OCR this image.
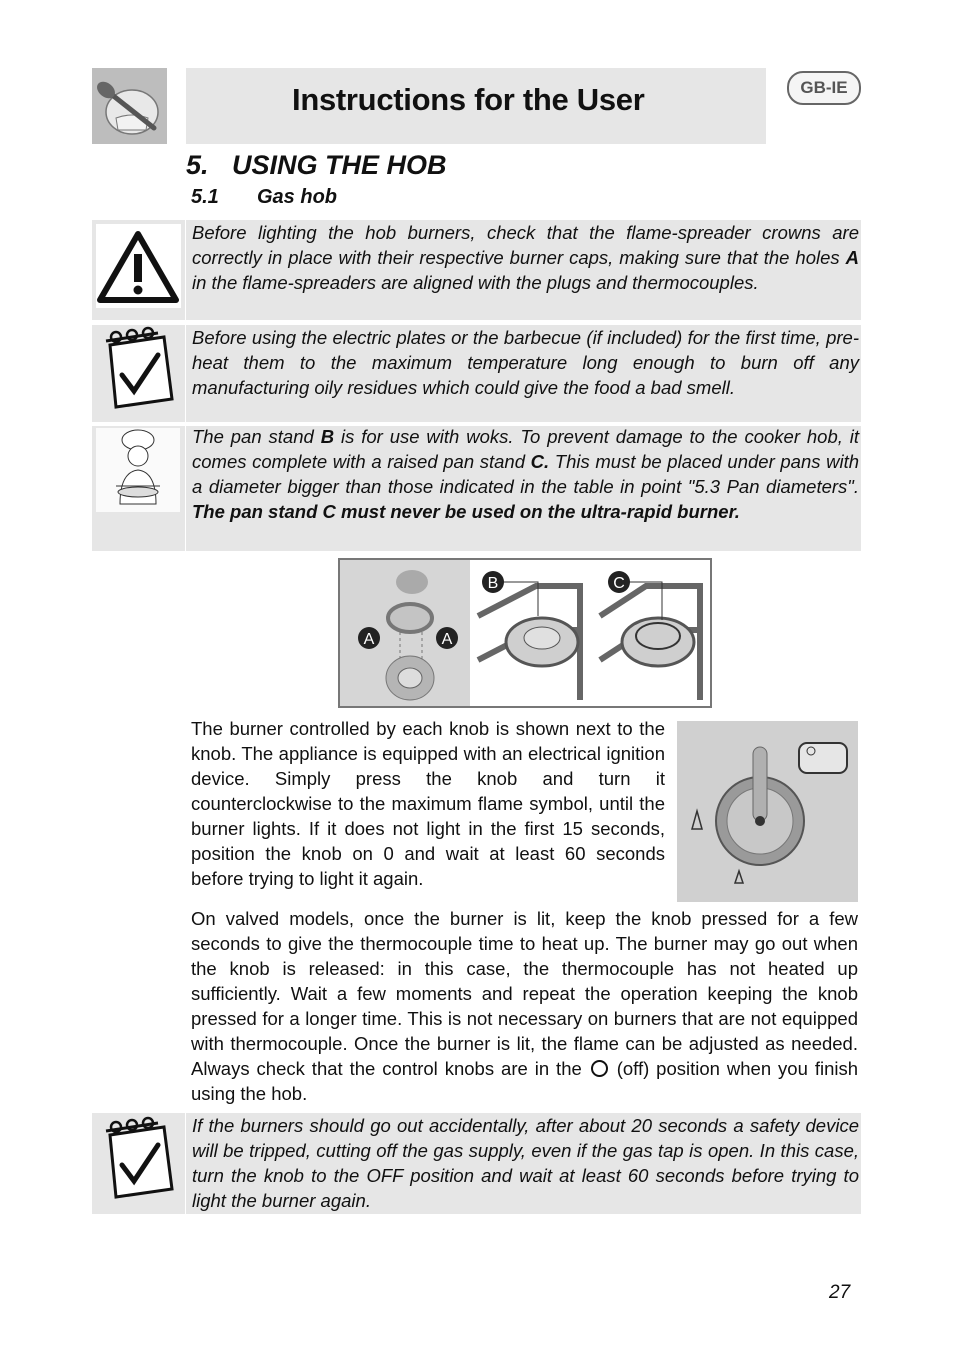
Instructions for the User	GB-IE
5. USING THE HOB
5.1 Gas hob
Before lighting the hob burners, check that the flame-spreader crowns are correctly in place with their respective burner caps, making sure that the holes A in the flame-spreaders are aligned with the plugs and thermocouples.
Before using the electric plates or the barbecue (if included) for the first time, pre-heat them to the maximum temperature long enough to burn off any manufacturing oily residues which could give the food a bad smell.
The pan stand B is for use with woks. To prevent damage to the cooker hob, it comes complete with a raised pan stand C. This must be placed under pans with a diameter bigger than those indicated in the table in point "5.3 Pan diameters". The pan stand C must never be used on the ultra-rapid burner.
A	A
B	C
The burner controlled by each knob is shown next to the knob. The appliance is equipped with an electrical ignition device. Simply press the knob and turn it counterclockwise to the maximum flame symbol, until the burner lights. If it does not light in the first 15 seconds, position the knob on 0 and wait at least 60 seconds before trying to light it again.
On valved models, once the burner is lit, keep the knob pressed for a few seconds to give the thermocouple time to heat up. The burner may go out when the knob is released: in this case, the thermocouple has not heated up sufficiently. Wait a few moments and repeat the operation keeping the knob pressed for a longer time. This is not necessary on burners that are not equipped with thermocouple. Once the burner is lit, the flame can be adjusted as needed. Always check that the control knobs are in the (off) position when you finish using the hob.
If the burners should go out accidentally, after about 20 seconds a safety device will be tripped, cutting off the gas supply, even if the gas tap is open. In this case, turn the knob to the OFF position and wait at least 60 seconds before trying to light the burner again.
27
